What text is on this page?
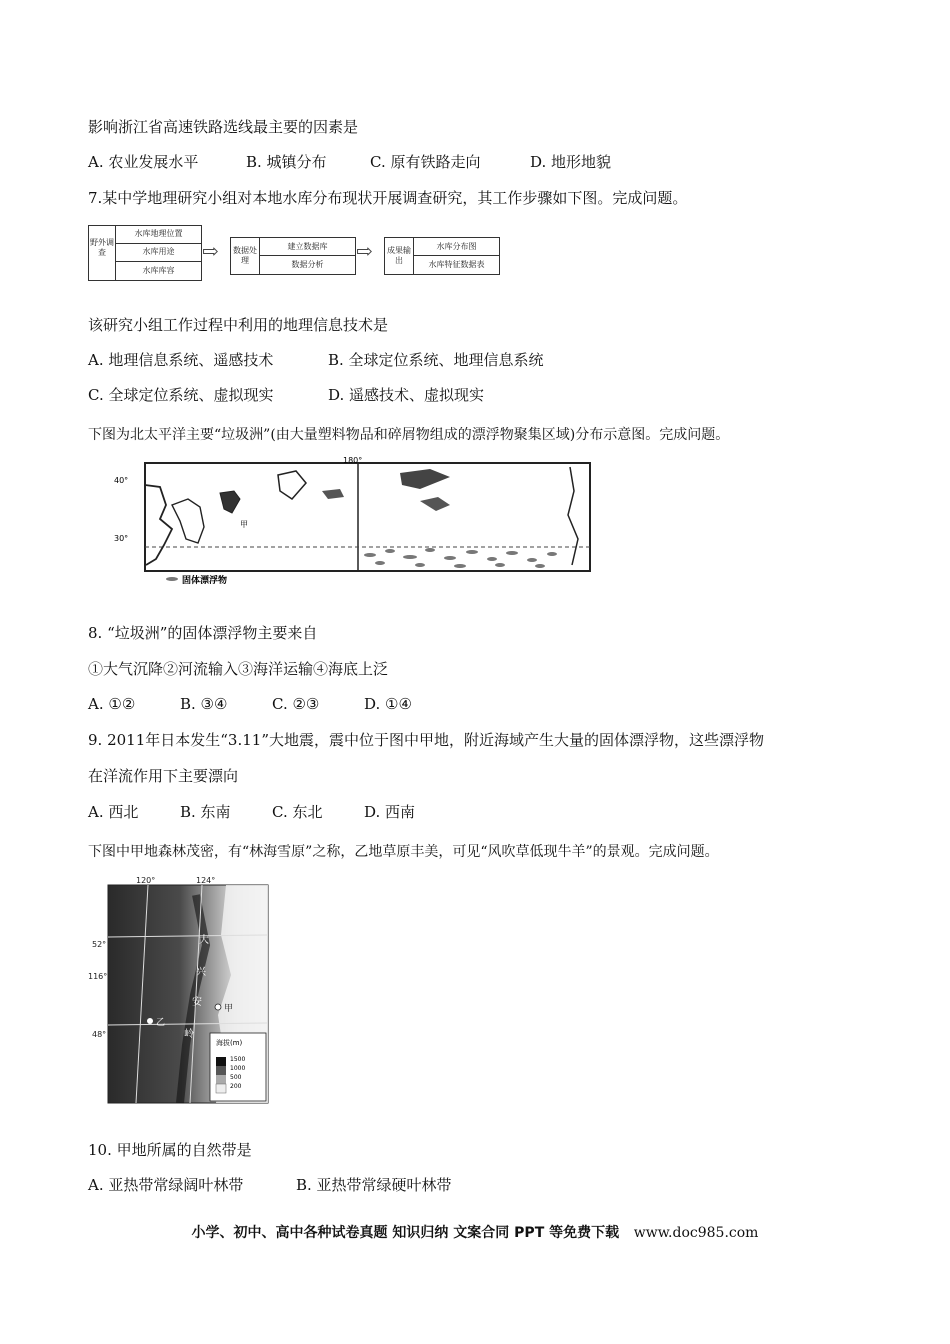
影响浙江省高速铁路选线最主要的因素是
A. 农业发展水平	B. 城镇分布	C. 原有铁路走向	D. 地形地貌
7.某中学地理研究小组对本地水库分布现状开展调查研究，其工作步骤如下图。完成问题。
野外调查
水库地理位置
水库用途
水库库容
⇨ 数据处理
建立数据库
数据分析
⇨ 成果输出
水库分布图
水库特征数据表
该研究小组工作过程中利用的地理信息技术是
A. 地理信息系统、遥感技术	B. 全球定位系统、地理信息系统
C. 全球定位系统、虚拟现实	D. 遥感技术、虚拟现实
下图为北太平洋主要“垃圾洲”(由大量塑料物品和碎屑物组成的漂浮物聚集区域)分布示意图。完成问题。
180°
40°
30°
甲
固体漂浮物
8. “垃圾洲”的固体漂浮物主要来自
①大气沉降②河流输入③海洋运输④海底上泛
A. ①②	B. ③④	C. ②③	D. ①④
9. 2011年日本发生“3.11”大地震，震中位于图中甲地，附近海域产生大量的固体漂浮物，这些漂浮物
在洋流作用下主要漂向
A. 西北	B. 东南	C. 东北	D. 西南
下图中甲地森林茂密，有“林海雪原”之称，乙地草原丰美，可见“风吹草低现牛羊”的景观。完成问题。
120°	124°
52°
116°
48°
大
兴
安
岭
乙
甲
海拔(m)
1500
1000
500
200
10. 甲地所属的自然带是
A. 亚热带常绿阔叶林带	B. 亚热带常绿硬叶林带
小学、初中、高中各种试卷真题 知识归纳 文案合同 PPT 等免费下载 www.doc985.com
